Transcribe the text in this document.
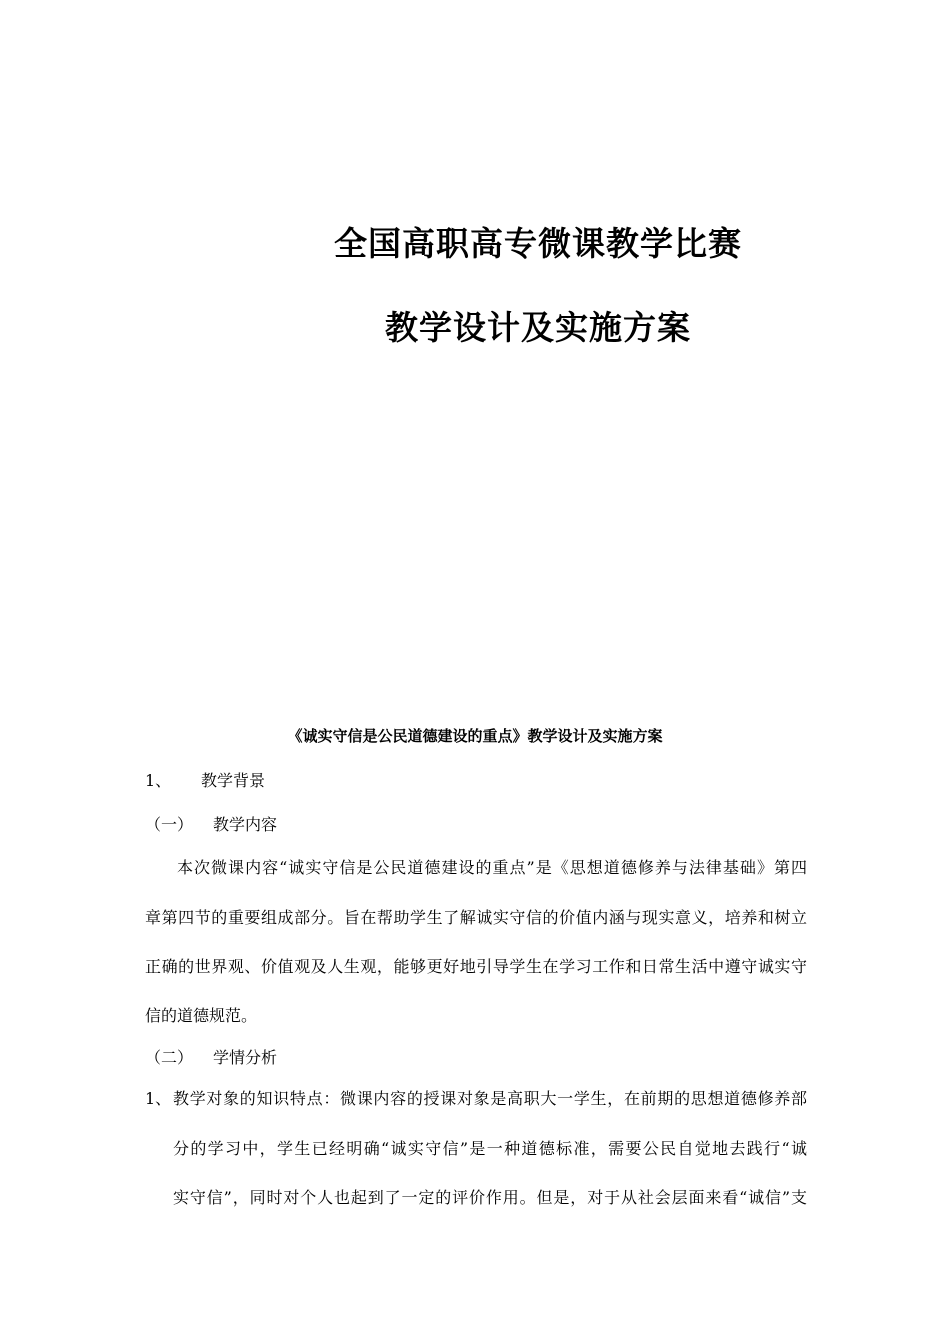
全国高职高专微课教学比赛
教学设计及实施方案
《诚实守信是公民道德建设的重点》教学设计及实施方案
1、 教学背景
（一） 教学内容
本次微课内容“诚实守信是公民道德建设的重点”是《思想道德修养与法律基础》第四
章第四节的重要组成部分。旨在帮助学生了解诚实守信的价值内涵与现实意义，培养和树立
正确的世界观、价值观及人生观，能够更好地引导学生在学习工作和日常生活中遵守诚实守
信的道德规范。
（二） 学情分析
1、 教学对象的知识特点：微课内容的授课对象是高职大一学生，在前期的思想道德修养部
分的学习中，学生已经明确“诚实守信”是一种道德标准，需要公民自觉地去践行“诚
实守信”，同时对个人也起到了一定的评价作用。但是，对于从社会层面来看“诚信”支
